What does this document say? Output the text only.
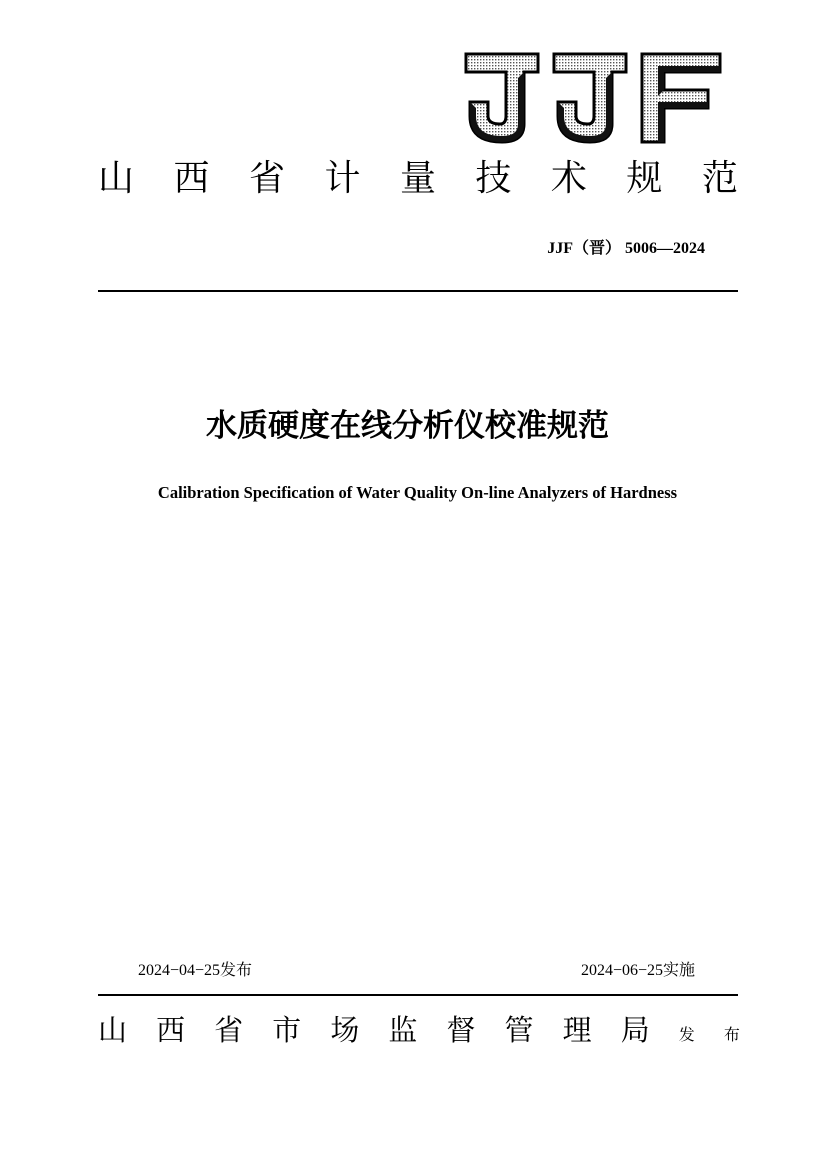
山 西 省 计 量 技 术 规 范
JJF（晋） 5006—2024
水质硬度在线分析仪校准规范
Calibration Specification of Water Quality On-line Analyzers of Hardness
2024−04−25发布	2024−06−25实施
山 西 省 市 场 监 督 管 理 局 发 布
